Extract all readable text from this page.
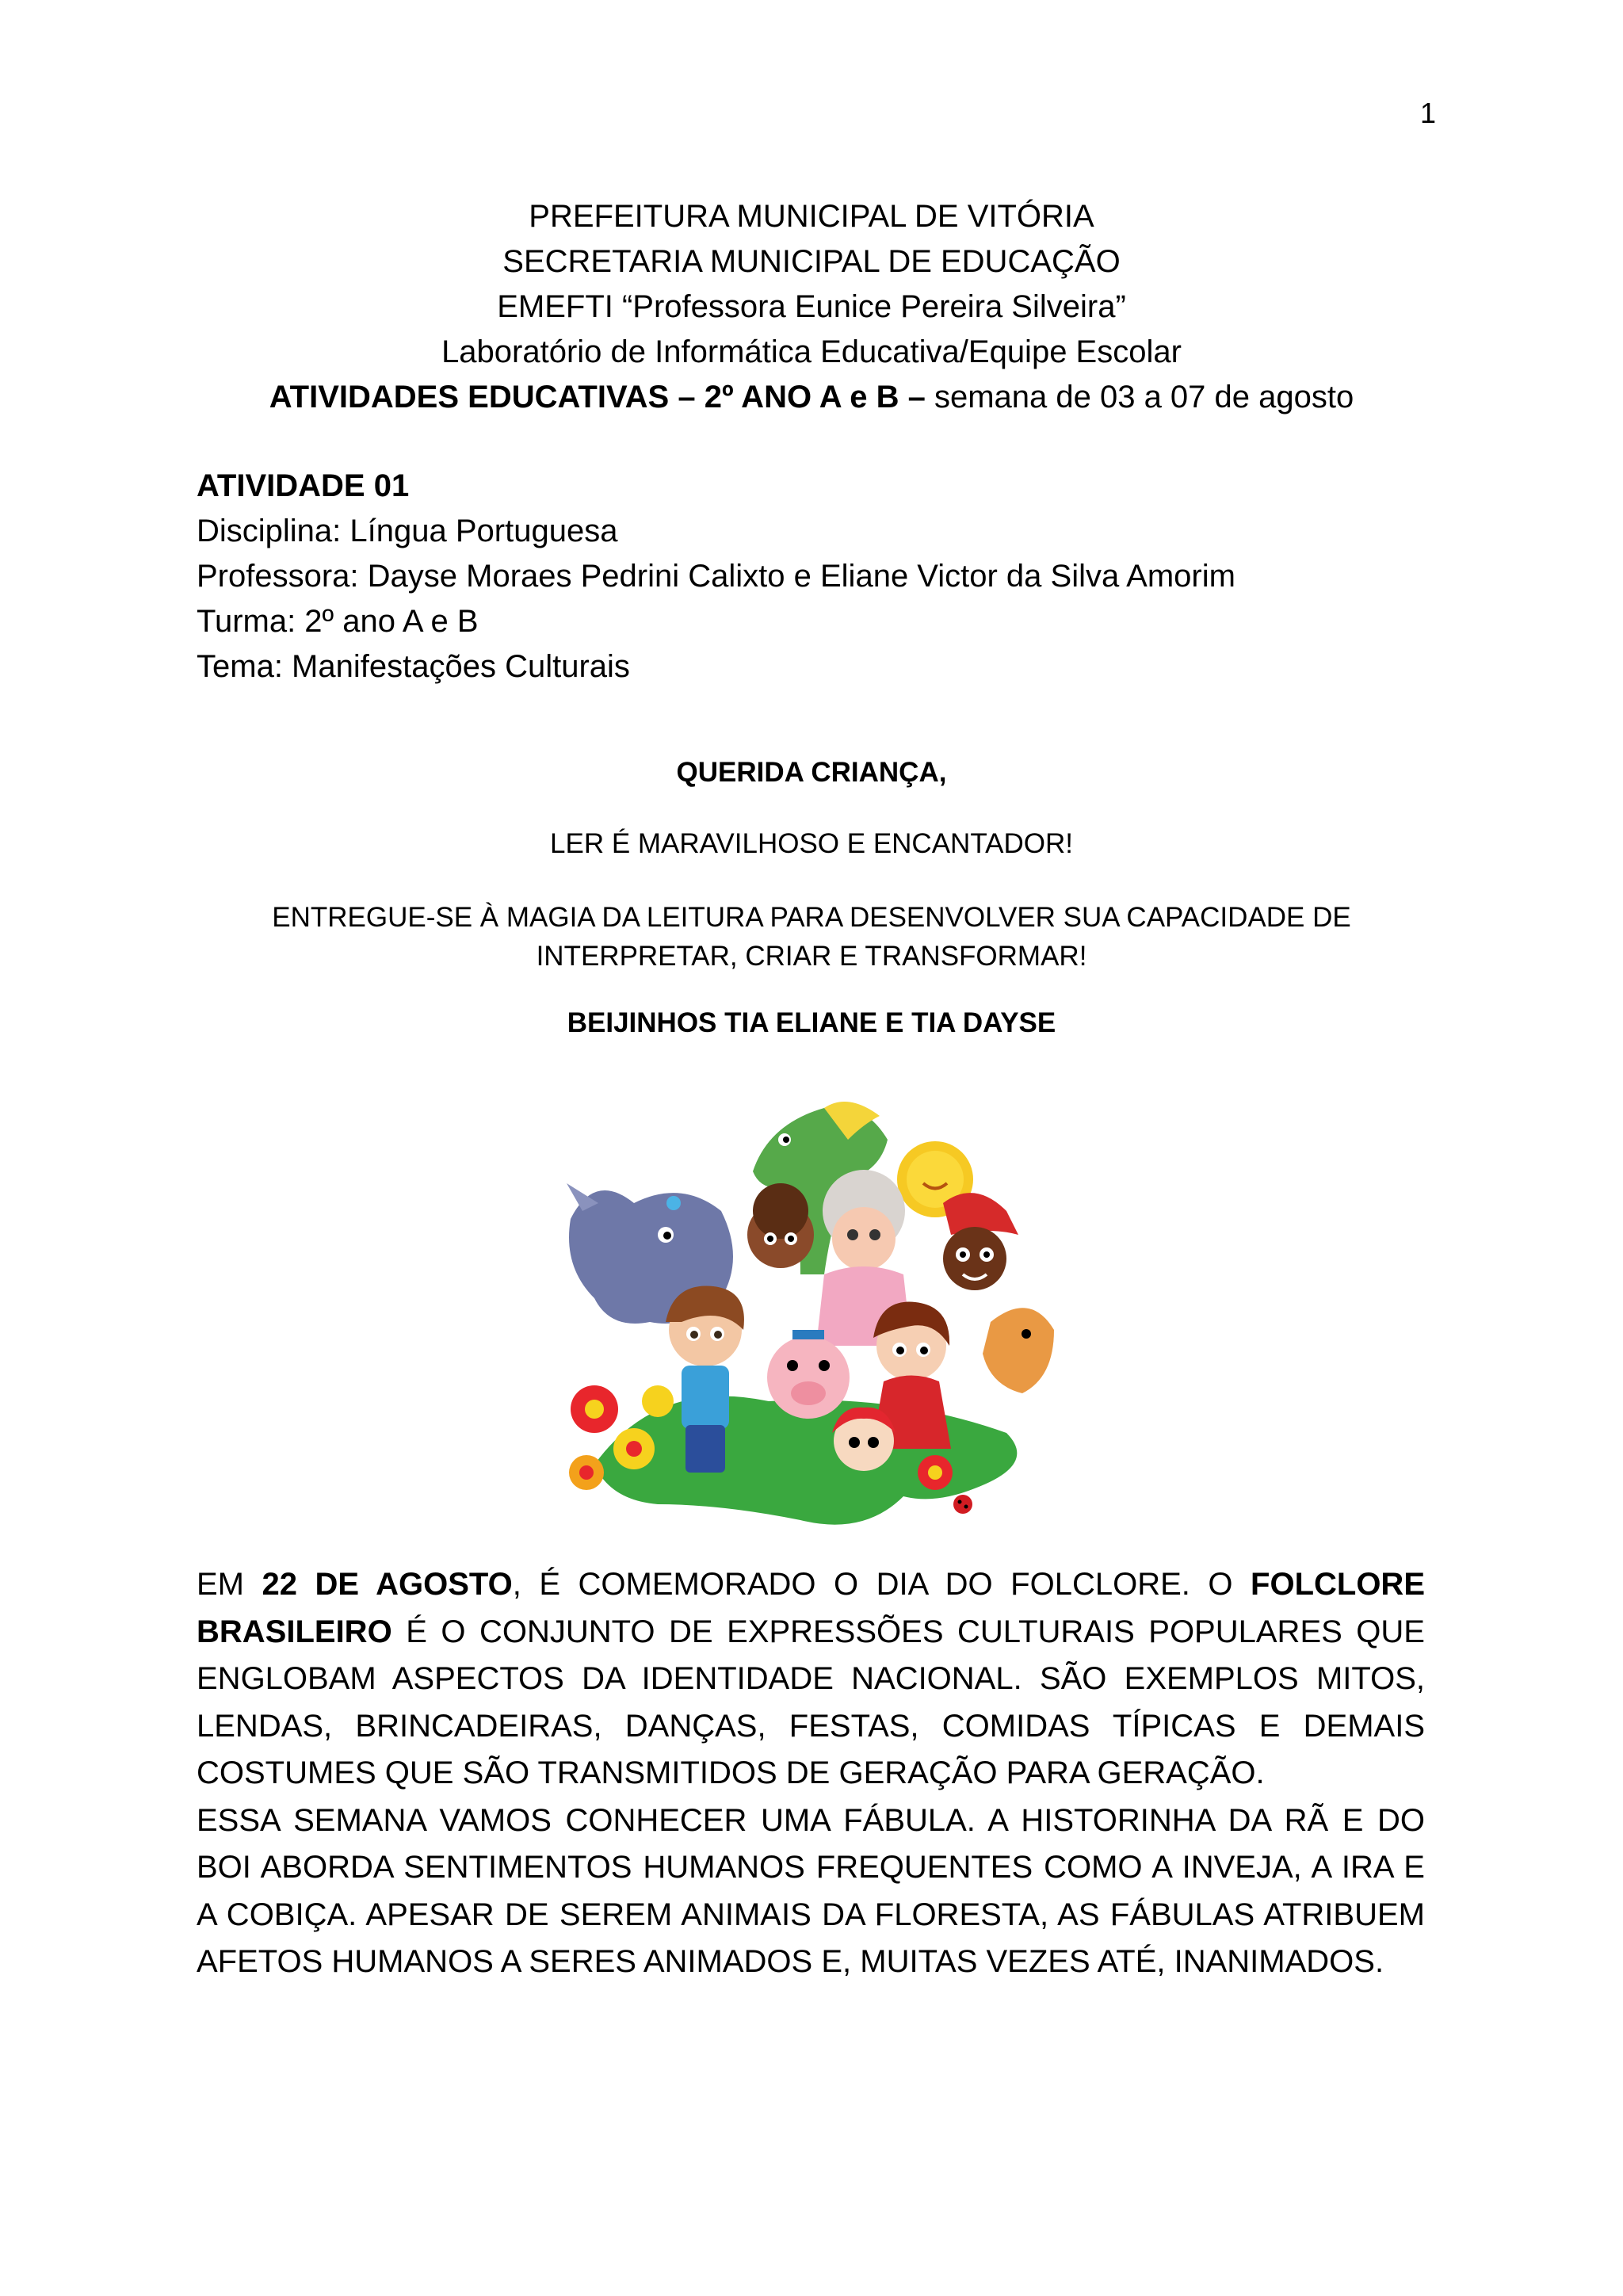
1
PREFEITURA MUNICIPAL DE VITÓRIA
SECRETARIA MUNICIPAL DE EDUCAÇÃO
EMEFTI “Professora Eunice Pereira Silveira”
Laboratório de Informática Educativa/Equipe Escolar
ATIVIDADES EDUCATIVAS – 2º ANO A e B – semana de 03 a 07 de agosto
ATIVIDADE 01
Disciplina: Língua Portuguesa
Professora: Dayse Moraes Pedrini Calixto e Eliane Victor da Silva Amorim
Turma: 2º ano A e B
Tema: Manifestações Culturais

QUERIDA CRIANÇA,

LER É MARAVILHOSO E ENCANTADOR!

ENTREGUE-SE À MAGIA DA LEITURA PARA DESENVOLVER SUA CAPACIDADE DE
INTERPRETAR, CRIAR E TRANSFORMAR!

BEIJINHOS TIA ELIANE E TIA DAYSE

EM 22 DE AGOSTO, É COMEMORADO O DIA DO FOLCLORE. O FOLCLORE BRASILEIRO É O CONJUNTO DE EXPRESSÕES CULTURAIS POPULARES QUE ENGLOBAM ASPECTOS DA IDENTIDADE NACIONAL. SÃO EXEMPLOS MITOS, LENDAS, BRINCADEIRAS, DANÇAS, FESTAS, COMIDAS TÍPICAS E DEMAIS COSTUMES QUE SÃO TRANSMITIDOS DE GERAÇÃO PARA GERAÇÃO.

ESSA SEMANA VAMOS CONHECER UMA FÁBULA. A HISTORINHA DA RÃ E DO BOI ABORDA SENTIMENTOS HUMANOS FREQUENTES COMO A INVEJA, A IRA E A COBIÇA. APESAR DE SEREM ANIMAIS DA FLORESTA, AS FÁBULAS ATRIBUEM AFETOS HUMANOS A SERES ANIMADOS E, MUITAS VEZES ATÉ, INANIMADOS.
